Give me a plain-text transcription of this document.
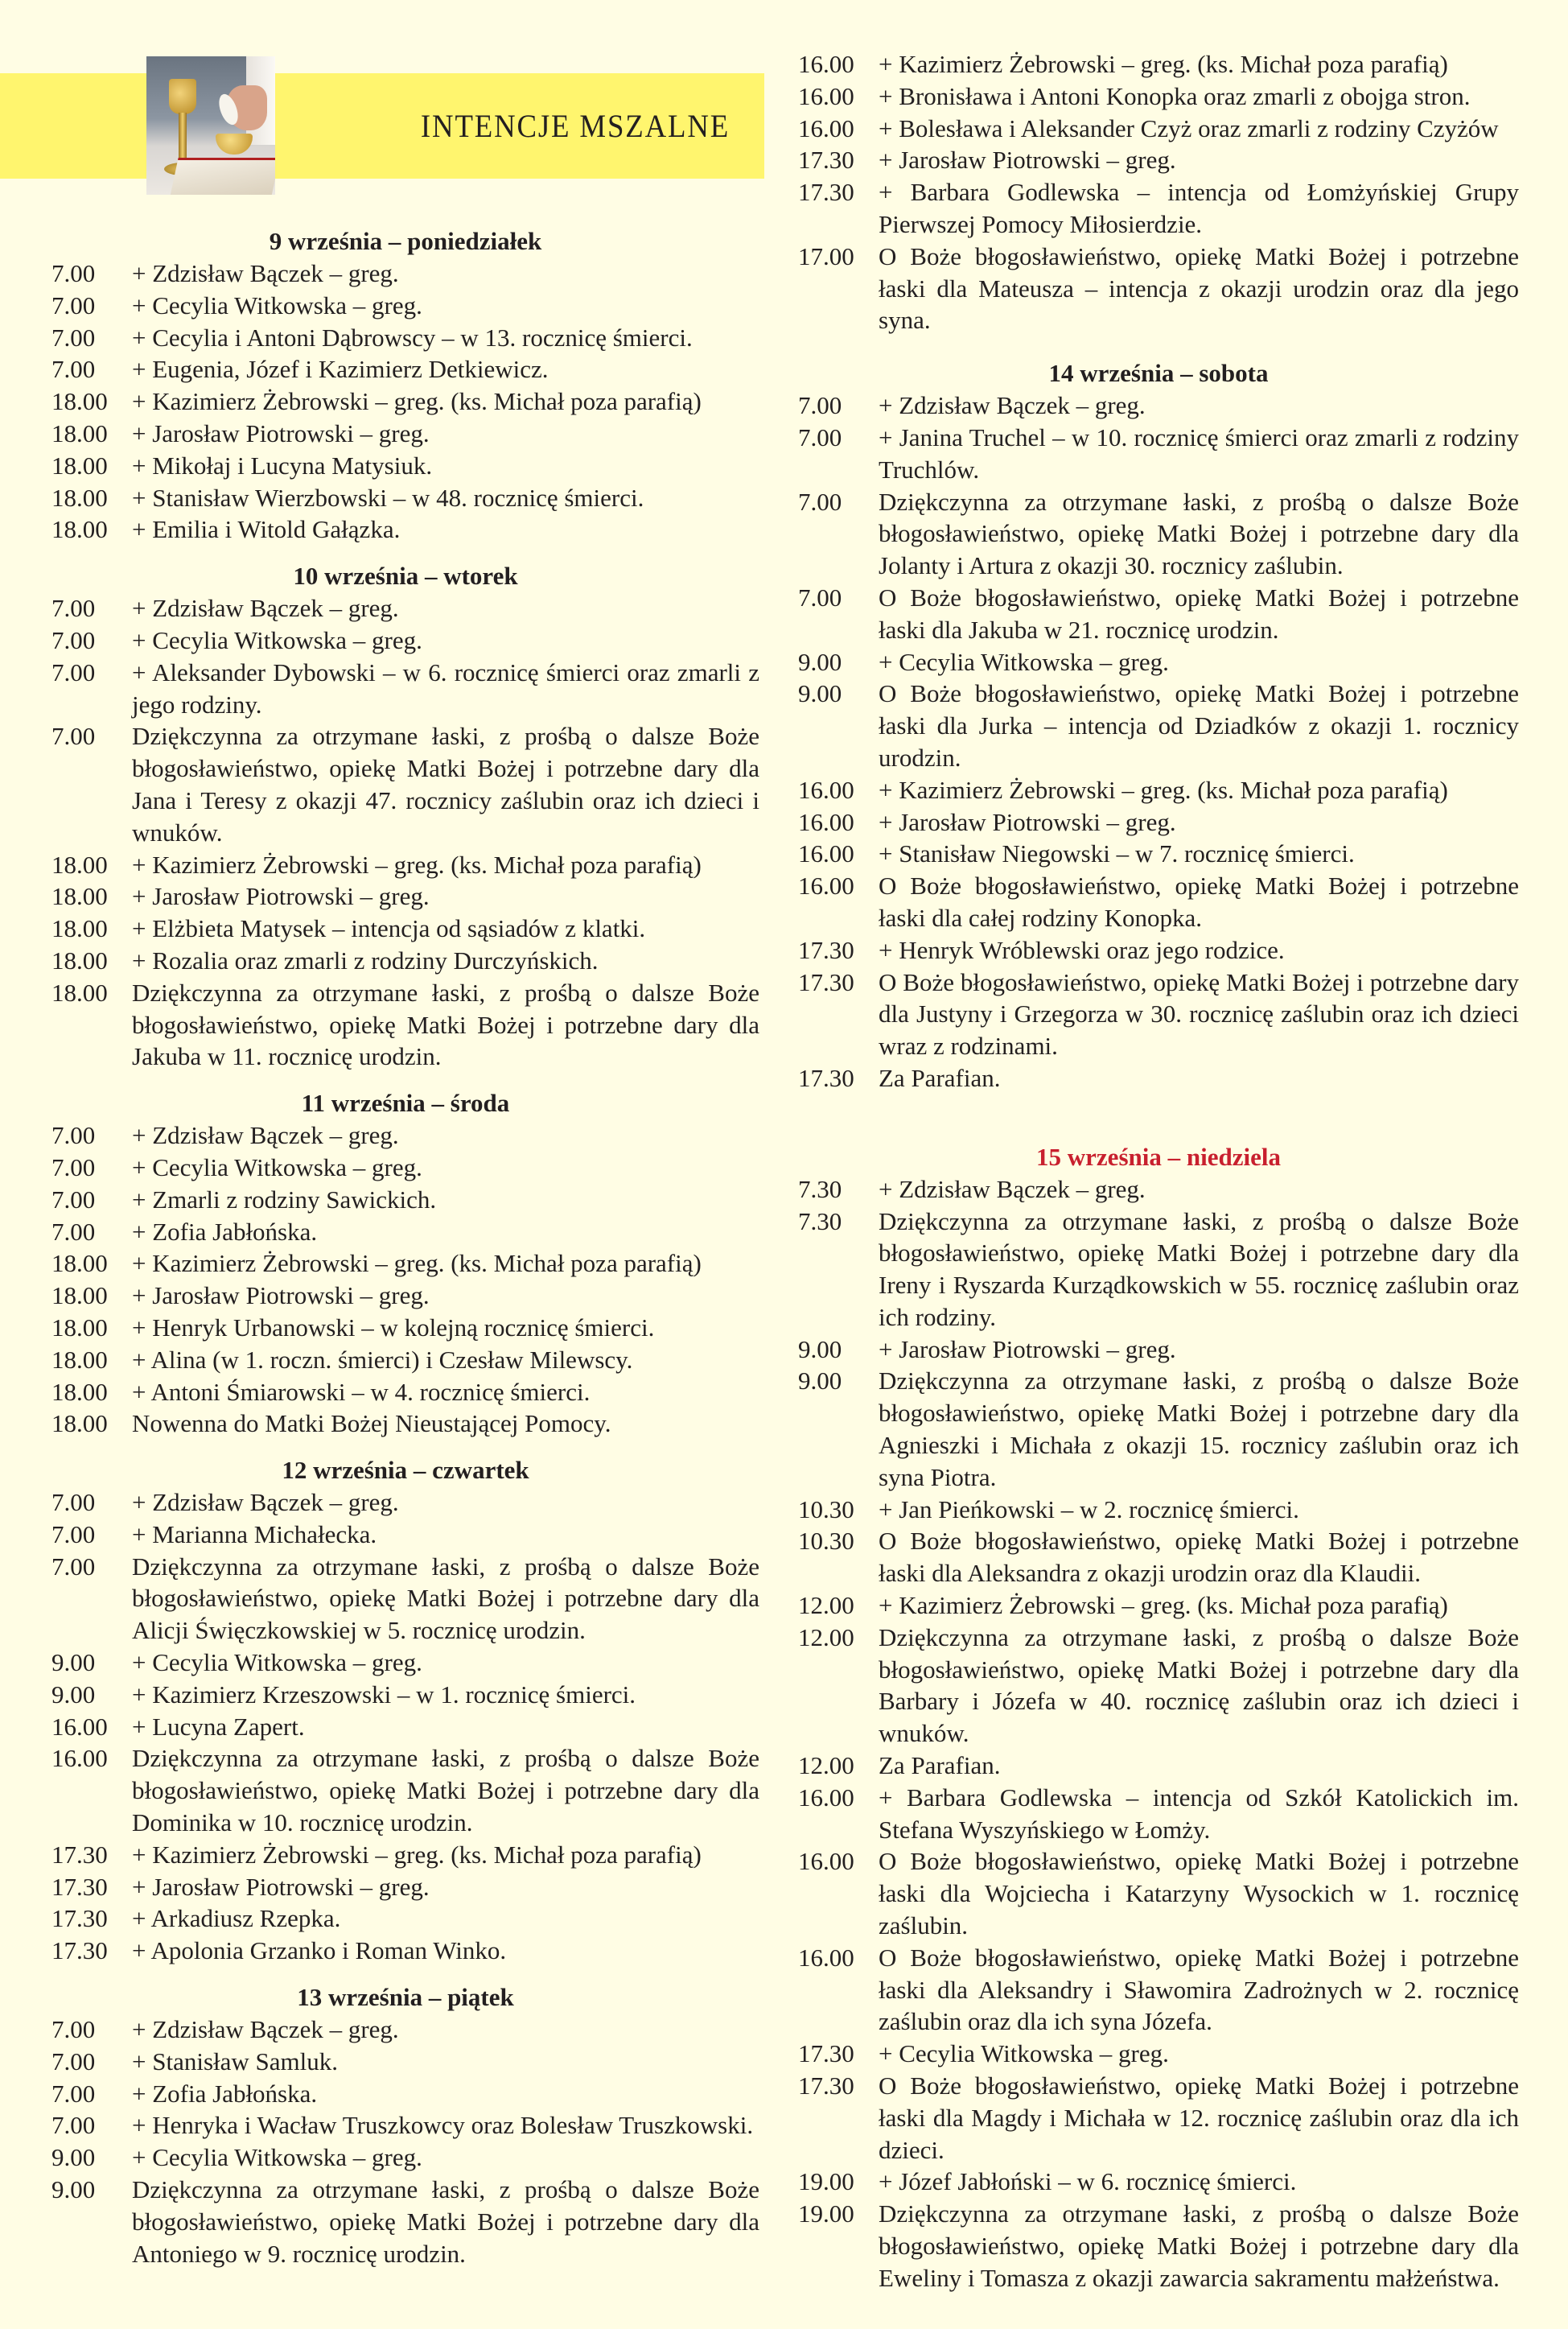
INTENCJE MSZALNE
9 września – poniedziałek
7.00	+ Zdzisław Bączek – greg.
7.00	+ Cecylia Witkowska – greg.
7.00	+ Cecylia i Antoni Dąbrowscy – w 13. rocznicę śmierci.
7.00	+ Eugenia, Józef i Kazimierz Detkiewicz.
18.00 + Kazimierz Żebrowski – greg. (ks. Michał poza parafią)
18.00 + Jarosław Piotrowski – greg.
18.00 + Mikołaj i Lucyna Matysiuk.
18.00 + Stanisław Wierzbowski – w 48. rocznicę śmierci.
18.00 + Emilia i Witold Gałązka.
10 września – wtorek
7.00	+ Zdzisław Bączek – greg.
7.00	+ Cecylia Witkowska – greg.
7.00	+ Aleksander Dybowski – w 6. rocznicę śmierci oraz zmarli z jego rodziny.
7.00	Dziękczynna za otrzymane łaski, z prośbą o dalsze Boże błogosławieństwo, opiekę Matki Bożej i potrzebne dary dla Jana i Teresy z okazji 47. rocznicy zaślubin oraz ich dzieci i wnuków.
18.00 + Kazimierz Żebrowski – greg. (ks. Michał poza parafią)
18.00 + Jarosław Piotrowski – greg.
18.00 + Elżbieta Matysek – intencja od sąsiadów z klatki.
18.00 + Rozalia oraz zmarli z rodziny Durczyńskich.
18.00 Dziękczynna za otrzymane łaski, z prośbą o dalsze Boże błogosławieństwo, opiekę Matki Bożej i potrzebne dary dla Jakuba w 11. rocznicę urodzin.
11 września – środa
7.00	+ Zdzisław Bączek – greg.
7.00	+ Cecylia Witkowska – greg.
7.00	+ Zmarli z rodziny Sawickich.
7.00	+ Zofia Jabłońska.
18.00 + Kazimierz Żebrowski – greg. (ks. Michał poza parafią)
18.00 + Jarosław Piotrowski – greg.
18.00 + Henryk Urbanowski – w kolejną rocznicę śmierci.
18.00 + Alina (w 1. roczn. śmierci) i Czesław Milewscy.
18.00 + Antoni Śmiarowski – w 4. rocznicę śmierci.
18.00 Nowenna do Matki Bożej Nieustającej Pomocy.
12 września – czwartek
7.00	+ Zdzisław Bączek – greg.
7.00	+ Marianna Michałecka.
7.00	Dziękczynna za otrzymane łaski, z prośbą o dalsze Boże błogosławieństwo, opiekę Matki Bożej i potrzebne dary dla Alicji Święczkowskiej w 5. rocznicę urodzin.
9.00	+ Cecylia Witkowska – greg.
9.00	+ Kazimierz Krzeszowski – w 1. rocznicę śmierci.
16.00 + Lucyna Zapert.
16.00 Dziękczynna za otrzymane łaski, z prośbą o dalsze Boże błogosławieństwo, opiekę Matki Bożej i potrzebne dary dla Dominika w 10. rocznicę urodzin.
17.30 + Kazimierz Żebrowski – greg. (ks. Michał poza parafią)
17.30 + Jarosław Piotrowski – greg.
17.30 + Arkadiusz Rzepka.
17.30 + Apolonia Grzanko i Roman Winko.
13 września – piątek
7.00	+ Zdzisław Bączek – greg.
7.00	+ Stanisław Samluk.
7.00	+ Zofia Jabłońska.
7.00	+ Henryka i Wacław Truszkowcy oraz Bolesław Truszkowski.
9.00	+ Cecylia Witkowska – greg.
9.00	Dziękczynna za otrzymane łaski, z prośbą o dalsze Boże błogosławieństwo, opiekę Matki Bożej i potrzebne dary dla Antoniego w 9. rocznicę urodzin.
16.00 + Kazimierz Żebrowski – greg. (ks. Michał poza parafią)
16.00 + Bronisława i Antoni Konopka oraz zmarli z obojga stron.
16.00 + Bolesława i Aleksander Czyż oraz zmarli z rodziny Czyżów
17.30 + Jarosław Piotrowski – greg.
17.30 + Barbara Godlewska – intencja od Łomżyńskiej Grupy Pierwszej Pomocy Miłosierdzie.
17.00 O Boże błogosławieństwo, opiekę Matki Bożej i potrzebne łaski dla Mateusza – intencja z okazji urodzin oraz dla jego syna.
14 września – sobota
7.00	+ Zdzisław Bączek – greg.
7.00	+ Janina Truchel – w 10. rocznicę śmierci oraz zmarli z rodziny Truchlów.
7.00	Dziękczynna za otrzymane łaski, z prośbą o dalsze Boże błogosławieństwo, opiekę Matki Bożej i potrzebne dary dla Jolanty i Artura z okazji 30. rocznicy zaślubin.
7.00	O Boże błogosławieństwo, opiekę Matki Bożej i potrzebne łaski dla Jakuba w 21. rocznicę urodzin.
9.00	+ Cecylia Witkowska – greg.
9.00	O Boże błogosławieństwo, opiekę Matki Bożej i potrzebne łaski dla Jurka – intencja od Dziadków z okazji 1. rocznicy urodzin.
16.00 + Kazimierz Żebrowski – greg. (ks. Michał poza parafią)
16.00 + Jarosław Piotrowski – greg.
16.00 + Stanisław Niegowski – w 7. rocznicę śmierci.
16.00 O Boże błogosławieństwo, opiekę Matki Bożej i potrzebne łaski dla całej rodziny Konopka.
17.30 + Henryk Wróblewski oraz jego rodzice.
17.30 O Boże błogosławieństwo, opiekę Matki Bożej i potrzebne dary dla Justyny i Grzegorza w 30. rocznicę zaślubin oraz ich dzieci wraz z rodzinami.
17.30 Za Parafian.
15 września – niedziela
7.30	+ Zdzisław Bączek – greg.
7.30	Dziękczynna za otrzymane łaski, z prośbą o dalsze Boże błogosławieństwo, opiekę Matki Bożej i potrzebne dary dla Ireny i Ryszarda Kurządkowskich w 55. rocznicę zaślubin oraz ich rodziny.
9.00	+ Jarosław Piotrowski – greg.
9.00	Dziękczynna za otrzymane łaski, z prośbą o dalsze Boże błogosławieństwo, opiekę Matki Bożej i potrzebne dary dla Agnieszki i Michała z okazji 15. rocznicy zaślubin oraz ich syna Piotra.
10.30 + Jan Pieńkowski – w 2. rocznicę śmierci.
10.30 O Boże błogosławieństwo, opiekę Matki Bożej i potrzebne łaski dla Aleksandra z okazji urodzin oraz dla Klaudii.
12.00 + Kazimierz Żebrowski – greg. (ks. Michał poza parafią)
12.00 Dziękczynna za otrzymane łaski, z prośbą o dalsze Boże błogosławieństwo, opiekę Matki Bożej i potrzebne dary dla Barbary i Józefa w 40. rocznicę zaślubin oraz ich dzieci i wnuków.
12.00 Za Parafian.
16.00 + Barbara Godlewska – intencja od Szkół Katolickich im. Stefana Wyszyńskiego w Łomży.
16.00 O Boże błogosławieństwo, opiekę Matki Bożej i potrzebne łaski dla Wojciecha i Katarzyny Wysockich w 1. rocznicę zaślubin.
16.00 O Boże błogosławieństwo, opiekę Matki Bożej i potrzebne łaski dla Aleksandry i Sławomira Zadrożnych w 2. rocznicę zaślubin oraz dla ich syna Józefa.
17.30 + Cecylia Witkowska – greg.
17.30 O Boże błogosławieństwo, opiekę Matki Bożej i potrzebne łaski dla Magdy i Michała w 12. rocznicę zaślubin oraz dla ich dzieci.
19.00 + Józef Jabłoński – w 6. rocznicę śmierci.
19.00 Dziękczynna za otrzymane łaski, z prośbą o dalsze Boże błogosławieństwo, opiekę Matki Bożej i potrzebne dary dla Eweliny i Tomasza z okazji zawarcia sakramentu małżeństwa.
